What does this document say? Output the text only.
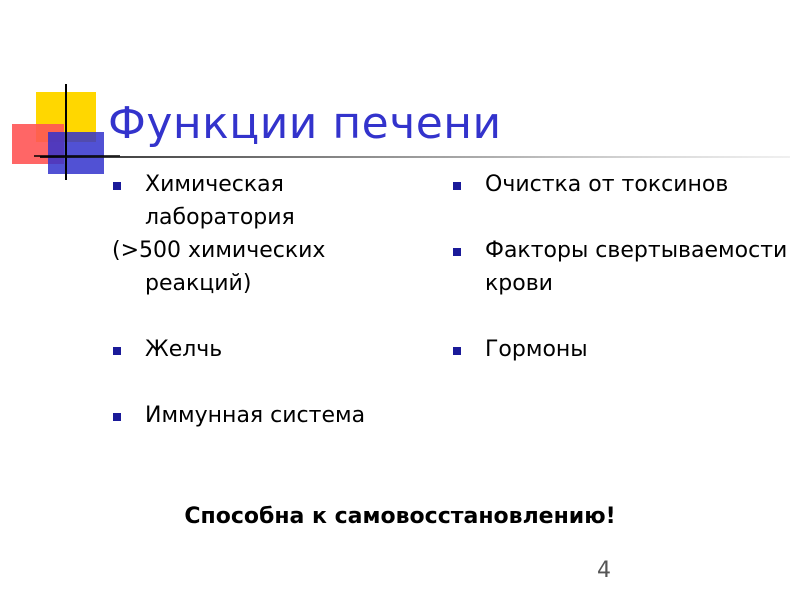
Функции печени
Химическая лаборатория
(>500 химических реакций)
Желчь
Иммунная система
Очистка от токсинов
Факторы свертываемости крови
Гормоны
Способна к самовосстановлению!
4
